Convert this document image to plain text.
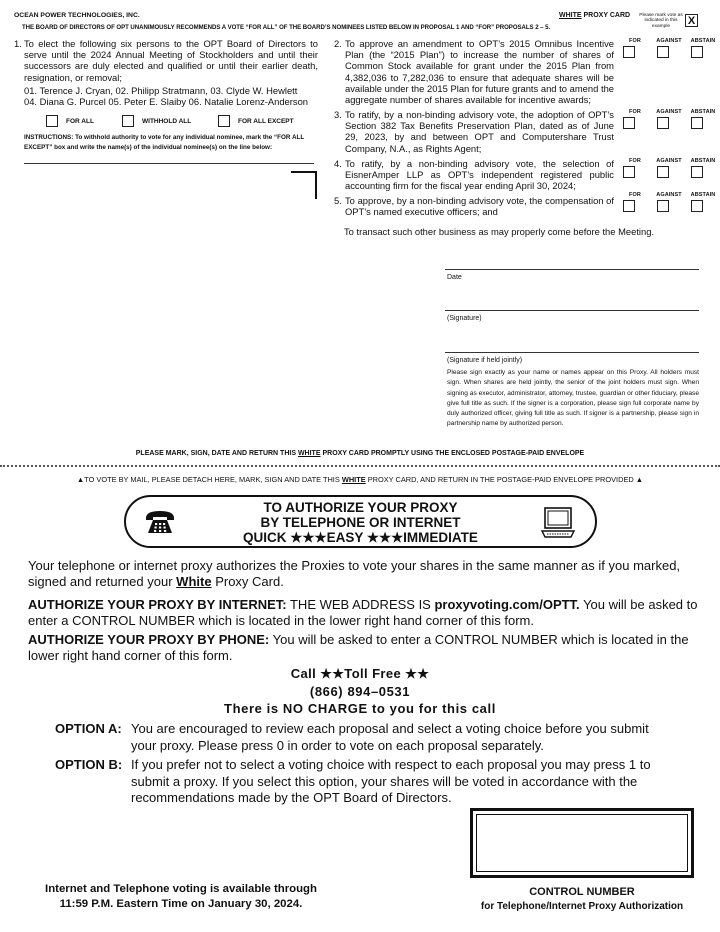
OCEAN POWER TECHNOLOGIES, INC.	WHITE PROXY CARD Please mark vote as indicated in this example	X
THE BOARD OF DIRECTORS OF OPT UNANIMOUSLY RECOMMENDS A VOTE “FOR ALL” OF THE BOARD’S NOMINEES LISTED BELOW IN PROPOSAL 1 AND “FOR” PROPOSALS 2 – 5.
1. To elect the following six persons to the OPT Board of Directors to serve until the 2024 Annual Meeting of Stockholders and until their successors are duly elected and qualified or until their earlier death, resignation, or removal;
01. Terence J. Cryan, 02. Philipp Stratmann, 03. Clyde W. Hewlett
04. Diana G. Purcel 05. Peter E. Slaiby 06. Natalie Lorenz-Anderson
FOR ALL	WITHHOLD ALL	FOR ALL EXCEPT
INSTRUCTIONS: To withhold authority to vote for any individual nominee, mark the “FOR ALL EXCEPT” box and write the name(s) of the individual nominee(s) on the line below:
2. To approve an amendment to OPT’s 2015 Omnibus Incentive Plan (the “2015 Plan”) to increase the number of shares of Common Stock available for grant under the 2015 Plan from 4,382,036 to 7,282,036 to ensure that adequate shares will be available under the 2015 Plan for future grants and to amend the aggregate number of shares available for incentive awards;
FOR	AGAINST	ABSTAIN
3. To ratify, by a non-binding advisory vote, the adoption of OPT’s Section 382 Tax Benefits Preservation Plan, dated as of June 29, 2023, by and between OPT and Computershare Trust Company, N.A., as Rights Agent;
FOR	AGAINST	ABSTAIN
4. To ratify, by a non-binding advisory vote, the selection of EisnerAmper LLP as OPT’s independent registered public accounting firm for the fiscal year ending April 30, 2024;
FOR	AGAINST	ABSTAIN
5. To approve, by a non-binding advisory vote, the compensation of OPT’s named executive officers; and
FOR	AGAINST	ABSTAIN
To transact such other business as may properly come before the Meeting.
Date
(Signature)
(Signature if held jointly)
Please sign exactly as your name or names appear on this Proxy. All holders must sign. When shares are held jointly, the senior of the joint holders must sign. When signing as executor, administrator, attorney, trustee, guardian or other fiduciary, please give full title as such. If the signer is a corporation, please sign full corporate name by duly authorized officer, giving full title as such. If signer is a partnership, please sign in partnership name by authorized person.
PLEASE MARK, SIGN, DATE AND RETURN THIS WHITE PROXY CARD PROMPTLY USING THE ENCLOSED POSTAGE-PAID ENVELOPE
▲TO VOTE BY MAIL, PLEASE DETACH HERE, MARK, SIGN AND DATE THIS WHITE PROXY CARD, AND RETURN IN THE POSTAGE-PAID ENVELOPE PROVIDED ▲
TO AUTHORIZE YOUR PROXY
BY TELEPHONE OR INTERNET
QUICK ★★★EASY ★★★IMMEDIATE
Your telephone or internet proxy authorizes the Proxies to vote your shares in the same manner as if you marked, signed and returned your White Proxy Card.
AUTHORIZE YOUR PROXY BY INTERNET: THE WEB ADDRESS IS proxyvoting.com/OPTT. You will be asked to enter a CONTROL NUMBER which is located in the lower right hand corner of this form.
AUTHORIZE YOUR PROXY BY PHONE: You will be asked to enter a CONTROL NUMBER which is located in the lower right hand corner of this form.
Call ★★Toll Free ★★
(866) 894–0531
There is NO CHARGE to you for this call
OPTION A: You are encouraged to review each proposal and select a voting choice before you submit your proxy. Please press 0 in order to vote on each proposal separately.
OPTION B: If you prefer not to select a voting choice with respect to each proposal you may press 1 to submit a proxy. If you select this option, your shares will be voted in accordance with the recommendations made by the OPT Board of Directors.
Internet and Telephone voting is available through
11:59 P.M. Eastern Time on January 30, 2024.
CONTROL NUMBER
for Telephone/Internet Proxy Authorization
